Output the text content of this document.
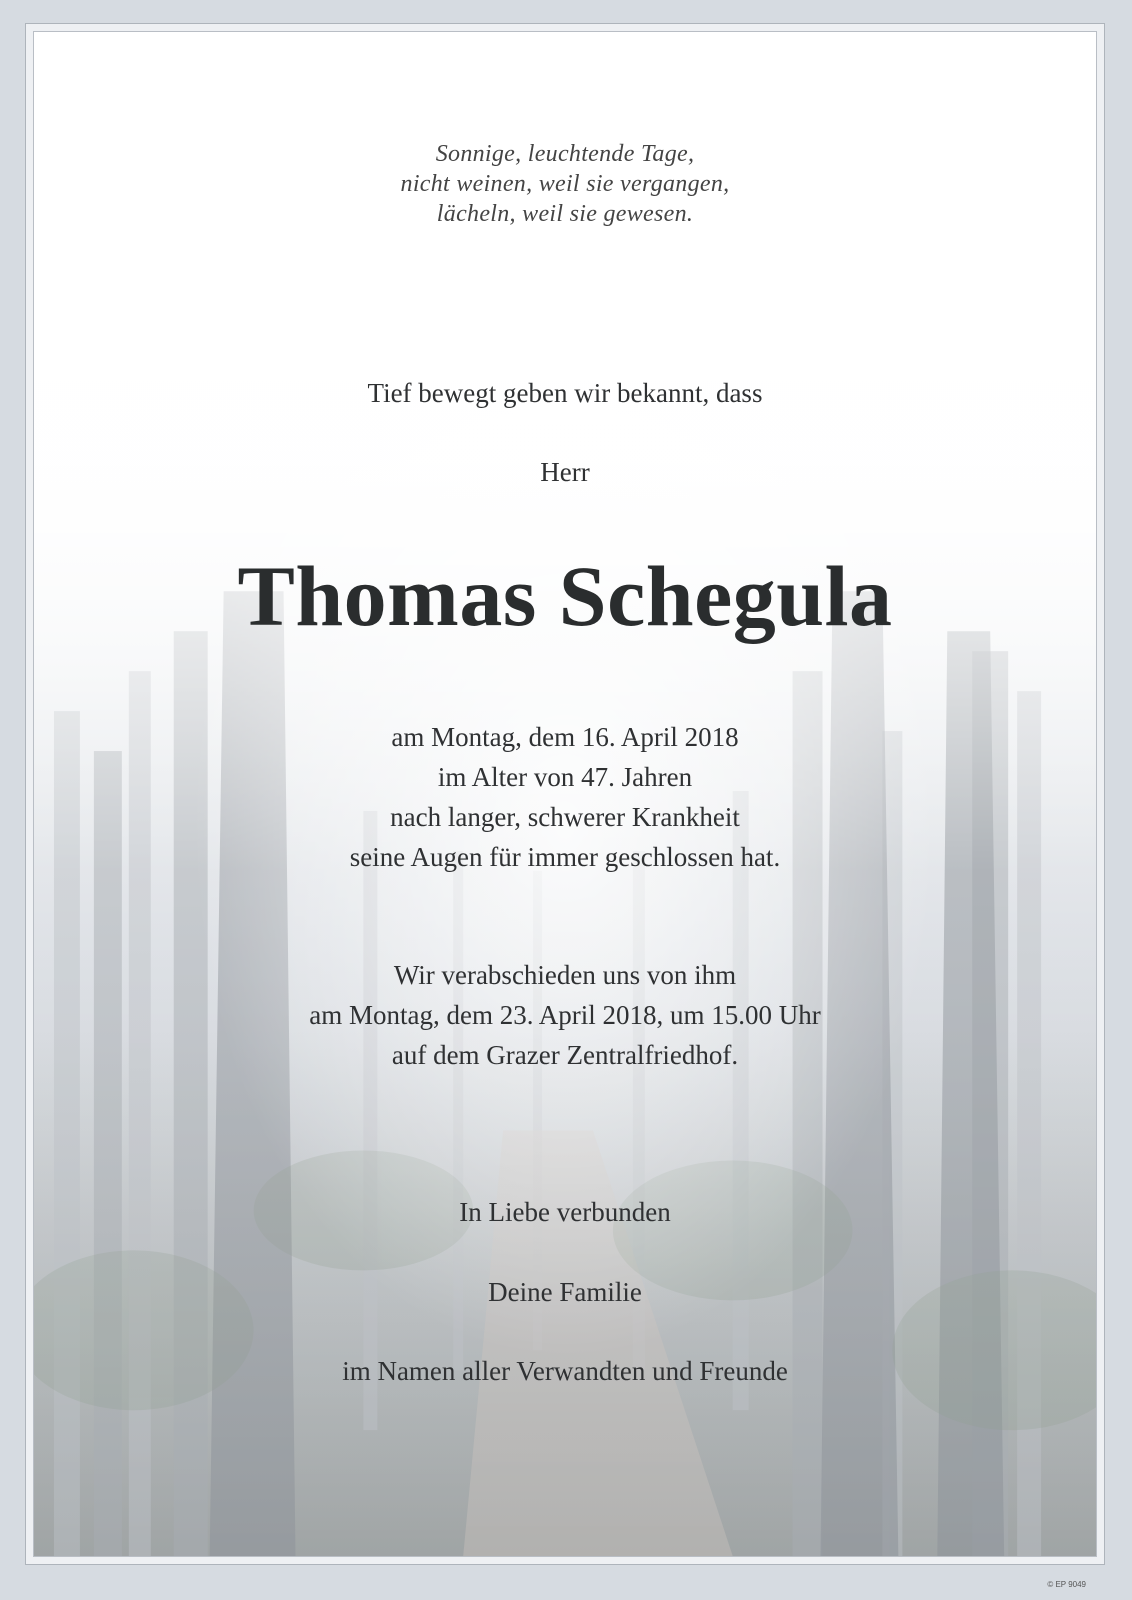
Sonnige, leuchtende Tage,
nicht weinen, weil sie vergangen,
lächeln, weil sie gewesen.
Tief bewegt geben wir bekannt, dass
Herr
Thomas Schegula
am Montag, dem 16. April 2018
im Alter von 47. Jahren
nach langer, schwerer Krankheit
seine Augen für immer geschlossen hat.
Wir verabschieden uns von ihm
am Montag, dem 23. April 2018, um 15.00 Uhr
auf dem Grazer Zentralfriedhof.
In Liebe verbunden
Deine Familie
im Namen aller Verwandten und Freunde
© EP 9049
